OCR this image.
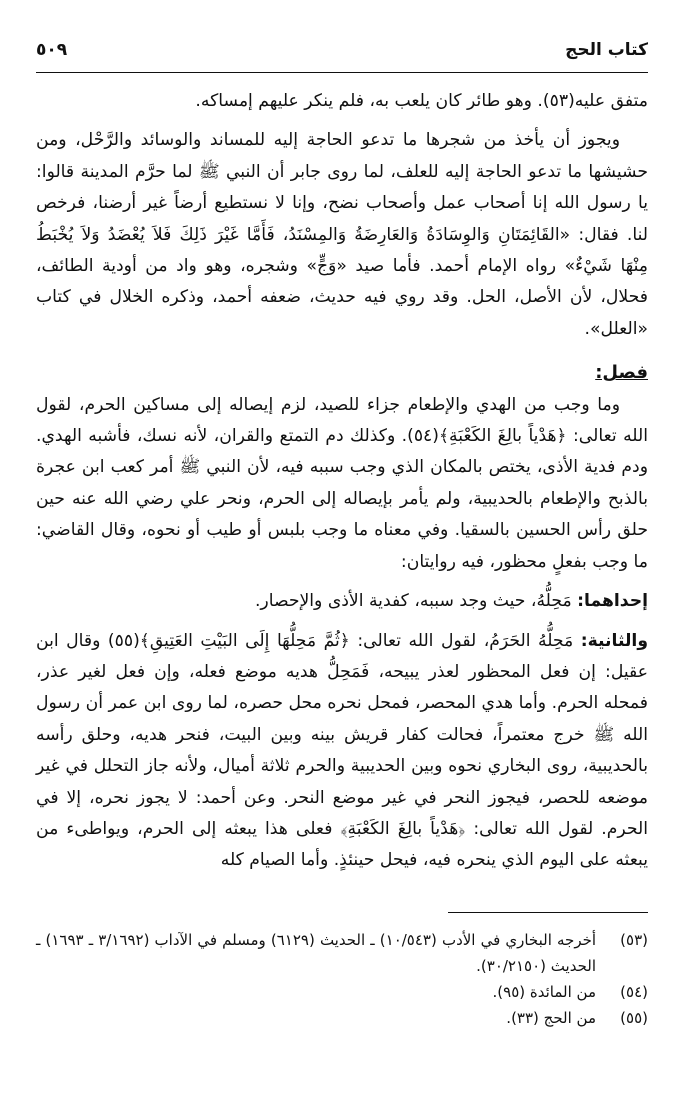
كتاب الحج
٥٠٩

متفق عليه(٥٣). وهو طائر كان يلعب به، فلم ينكر عليهم إمساكه.

ويجوز أن يأخذ من شجرها ما تدعو الحاجة إليه للمساند والوسائد والرَّحْل، ومن حشيشها ما تدعو الحاجة إليه للعلف، لما روى جابر أن النبي ﷺ لما حرَّم المدينة قالوا: يا رسول الله إنا أصحاب عمل وأصحاب نضح، وإنا لا نستطيع أرضاً غير أرضنا، فرخص لنا. فقال: «القَائِمَتَانِ وَالوِسَادَةُ وَالعَارِضَةُ وَالمِسْنَدُ، فَأَمَّا غَيْرَ ذَلِكَ فَلاَ يُعْضَدُ وَلاَ يُخْبَطُ مِنْهَا شَيْءٌ» رواه الإمام أحمد. فأما صيد «وَجٍّ» وشجره، وهو واد من أودية الطائف، فحلال، لأن الأصل، الحل. وقد روي فيه حديث، ضعفه أحمد، وذكره الخلال في كتاب «العلل».

فصل:

وما وجب من الهدي والإطعام جزاء للصيد، لزم إيصاله إلى مساكين الحرم، لقول الله تعالى: ﴿هَدْياً بالِغَ الكَعْبَةِ﴾(٥٤). وكذلك دم التمتع والقران، لأنه نسك، فأشبه الهدي. ودم فدية الأذى، يختص بالمكان الذي وجب سببه فيه، لأن النبي ﷺ أمر كعب ابن عجرة بالذبح والإطعام بالحديبية، ولم يأمر بإيصاله إلى الحرم، ونحر علي رضي الله عنه حين حلق رأس الحسين بالسقيا. وفي معناه ما وجب بلبس أو طيب أو نحوه، وقال القاضي: ما وجب بفعلٍ محظور، فيه روايتان:

إحداهما: مَحِلُّهُ، حيث وجد سببه، كفدية الأذى والإحصار.

والثانية: مَحِلُّهُ الحَرَمُ، لقول الله تعالى: ﴿ثُمَّ مَحِلُّهَا إِلَى البَيْتِ العَتِيقِ﴾(٥٥) وقال ابن عقيل: إن فعل المحظور لعذر يبيحه، فَمَحِلُّ هديه موضع فعله، وإن فعل لغير عذر، فمحله الحرم. وأما هدي المحصر، فمحل نحره محل حصره، لما روى ابن عمر أن رسول الله ﷺ خرج معتمراً، فحالت كفار قريش بينه وبين البيت، فنحر هديه، وحلق رأسه بالحديبية، روى البخاري نحوه وبين الحديبية والحرم ثلاثة أميال، ولأنه جاز التحلل في غير موضعه للحصر، فيجوز النحر في غير موضع النحر. وعن أحمد: لا يجوز نحره، إلا في الحرم. لقول الله تعالى: ﴿هَدْياً بالِغَ الكَعْبَةِ﴾ فعلى هذا يبعثه إلى الحرم، ويواطىء من يبعثه على اليوم الذي ينحره فيه، فيحل حينئذٍ. وأما الصيام كله

(٥٣)
أخرجه البخاري في الأدب (١٠/٥٤٣) ـ الحديث (٦١٢٩) ومسلم في الآداب (٣/١٦٩٢ ـ ١٦٩٣) ـ الحديث (٣٠/٢١٥٠).
(٥٤)
من المائدة (٩٥).
(٥٥)
من الحج (٣٣).
